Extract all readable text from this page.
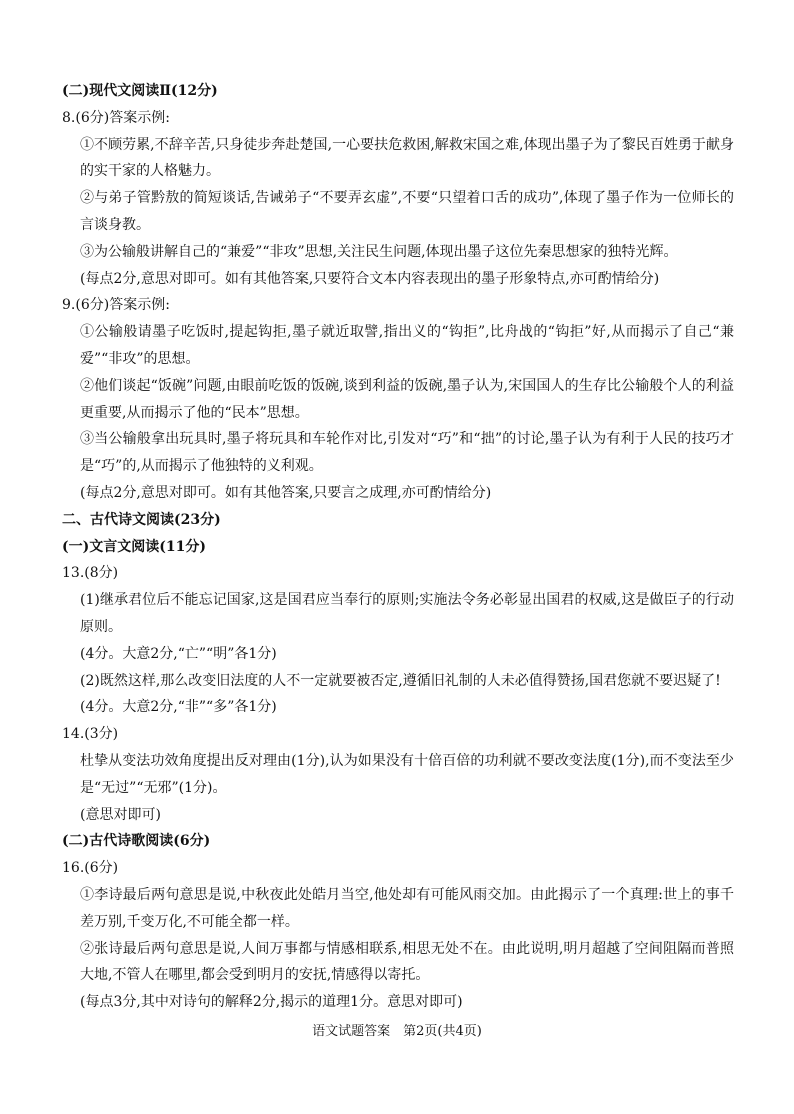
(二)现代文阅读Ⅱ(12分)
8.(6分)答案示例:
①不顾劳累,不辞辛苦,只身徒步奔赴楚国,一心要扶危救困,解救宋国之难,体现出墨子为了黎民百姓勇于献身的实干家的人格魅力。
②与弟子管黔敖的简短谈话,告诫弟子“不要弄玄虚”,不要“只望着口舌的成功”,体现了墨子作为一位师长的言谈身教。
③为公输般讲解自己的“兼爱”“非攻”思想,关注民生问题,体现出墨子这位先秦思想家的独特光辉。
(每点2分,意思对即可。如有其他答案,只要符合文本内容表现出的墨子形象特点,亦可酌情给分)
9.(6分)答案示例:
①公输般请墨子吃饭时,提起钩拒,墨子就近取譬,指出义的“钩拒”,比舟战的“钩拒”好,从而揭示了自己“兼爱”“非攻”的思想。
②他们谈起“饭碗”问题,由眼前吃饭的饭碗,谈到利益的饭碗,墨子认为,宋国国人的生存比公输般个人的利益更重要,从而揭示了他的“民本”思想。
③当公输般拿出玩具时,墨子将玩具和车轮作对比,引发对“巧”和“拙”的讨论,墨子认为有利于人民的技巧才是“巧”的,从而揭示了他独特的义利观。
(每点2分,意思对即可。如有其他答案,只要言之成理,亦可酌情给分)
二、古代诗文阅读(23分)
(一)文言文阅读(11分)
13.(8分)
(1)继承君位后不能忘记国家,这是国君应当奉行的原则;实施法令务必彰显出国君的权威,这是做臣子的行动原则。
(4分。大意2分,“亡”“明”各1分)
(2)既然这样,那么改变旧法度的人不一定就要被否定,遵循旧礼制的人未必值得赞扬,国君您就不要迟疑了!
(4分。大意2分,“非”“多”各1分)
14.(3分)
杜挚从变法功效角度提出反对理由(1分),认为如果没有十倍百倍的功利就不要改变法度(1分),而不变法至少是“无过”“无邪”(1分)。
(意思对即可)
(二)古代诗歌阅读(6分)
16.(6分)
①李诗最后两句意思是说,中秋夜此处皓月当空,他处却有可能风雨交加。由此揭示了一个真理:世上的事千差万别,千变万化,不可能全都一样。
②张诗最后两句意思是说,人间万事都与情感相联系,相思无处不在。由此说明,明月超越了空间阻隔而普照大地,不管人在哪里,都会受到明月的安抚,情感得以寄托。
(每点3分,其中对诗句的解释2分,揭示的道理1分。意思对即可)
语文试题答案　第2页(共4页)
